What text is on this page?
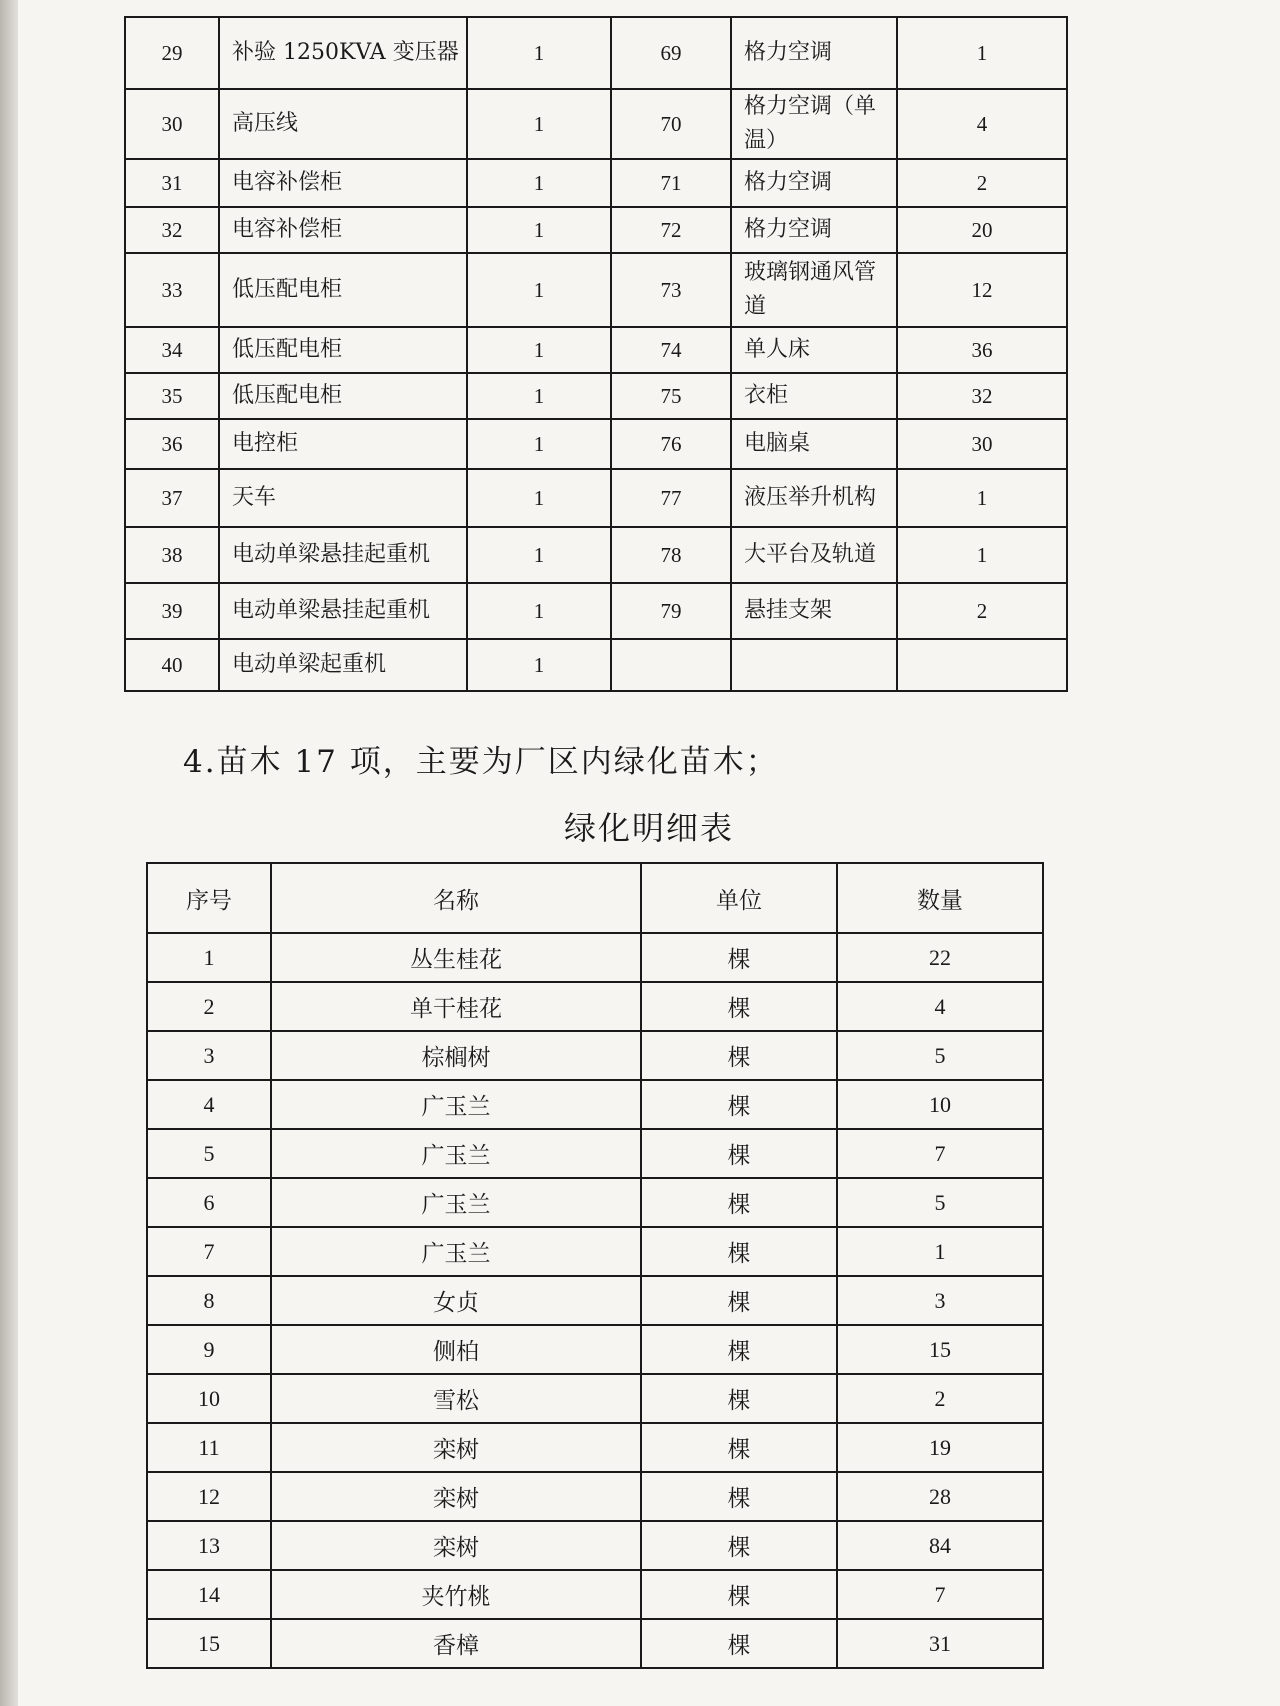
29	补验 1250KVA 变压器	1	69	格力空调	1
30	高压线	1	70	格力空调（单温）	4
31	电容补偿柜	1	71	格力空调	2
32	电容补偿柜	1	72	格力空调	20
33	低压配电柜	1	73	玻璃钢通风管道	12
34	低压配电柜	1	74	单人床	36
35	低压配电柜	1	75	衣柜	32
36	电控柜	1	76	电脑桌	30
37	天车	1	77	液压举升机构	1
38	电动单梁悬挂起重机	1	78	大平台及轨道	1
39	电动单梁悬挂起重机	1	79	悬挂支架	2
40	电动单梁起重机	1			
4.苗木 17 项，主要为厂区内绿化苗木；
绿化明细表
序号	名称	单位	数量
1	丛生桂花	棵	22
2	单干桂花	棵	4
3	棕榈树	棵	5
4	广玉兰	棵	10
5	广玉兰	棵	7
6	广玉兰	棵	5
7	广玉兰	棵	1
8	女贞	棵	3
9	侧柏	棵	15
10	雪松	棵	2
11	栾树	棵	19
12	栾树	棵	28
13	栾树	棵	84
14	夹竹桃	棵	7
15	香樟	棵	31
